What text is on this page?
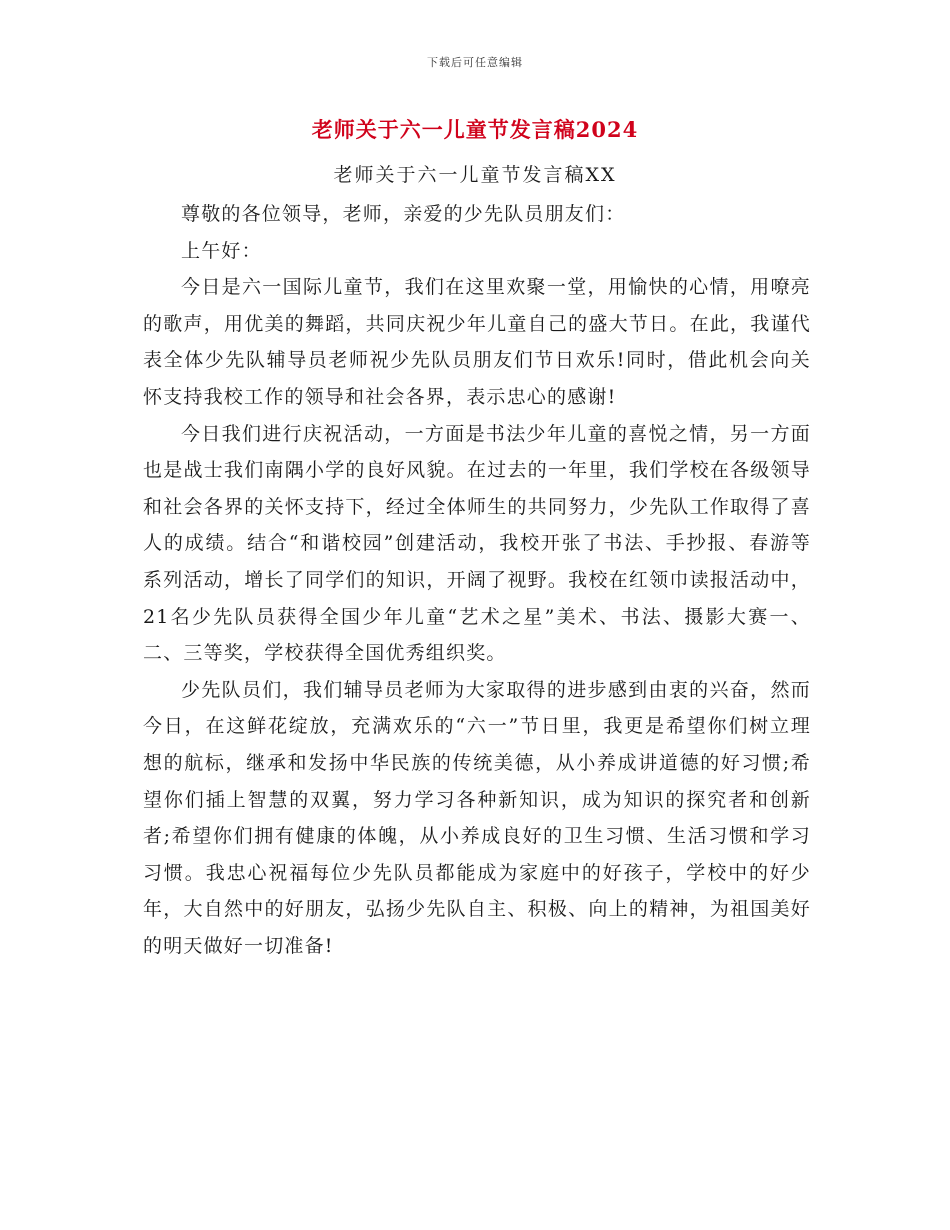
下载后可任意编辑
老师关于六一儿童节发言稿2024
老师关于六一儿童节发言稿XX

尊敬的各位领导，老师，亲爱的少先队员朋友们：

上午好：

今日是六一国际儿童节，我们在这里欢聚一堂，用愉快的心情，用嘹亮的歌声，用优美的舞蹈，共同庆祝少年儿童自己的盛大节日。在此，我谨代表全体少先队辅导员老师祝少先队员朋友们节日欢乐!同时，借此机会向关怀支持我校工作的领导和社会各界，表示忠心的感谢!

今日我们进行庆祝活动，一方面是书法少年儿童的喜悦之情，另一方面也是战士我们南隅小学的良好风貌。在过去的一年里，我们学校在各级领导和社会各界的关怀支持下，经过全体师生的共同努力，少先队工作取得了喜人的成绩。结合“和谐校园”创建活动，我校开张了书法、手抄报、春游等系列活动，增长了同学们的知识，开阔了视野。我校在红领巾读报活动中，21名少先队员获得全国少年儿童“艺术之星”美术、书法、摄影大赛一、二、三等奖，学校获得全国优秀组织奖。

少先队员们，我们辅导员老师为大家取得的进步感到由衷的兴奋，然而今日，在这鲜花绽放，充满欢乐的“六一”节日里，我更是希望你们树立理想的航标，继承和发扬中华民族的传统美德，从小养成讲道德的好习惯;希望你们插上智慧的双翼，努力学习各种新知识，成为知识的探究者和创新者;希望你们拥有健康的体魄，从小养成良好的卫生习惯、生活习惯和学习习惯。我忠心祝福每位少先队员都能成为家庭中的好孩子，学校中的好少年，大自然中的好朋友，弘扬少先队自主、积极、向上的精神，为祖国美好的明天做好一切准备!
